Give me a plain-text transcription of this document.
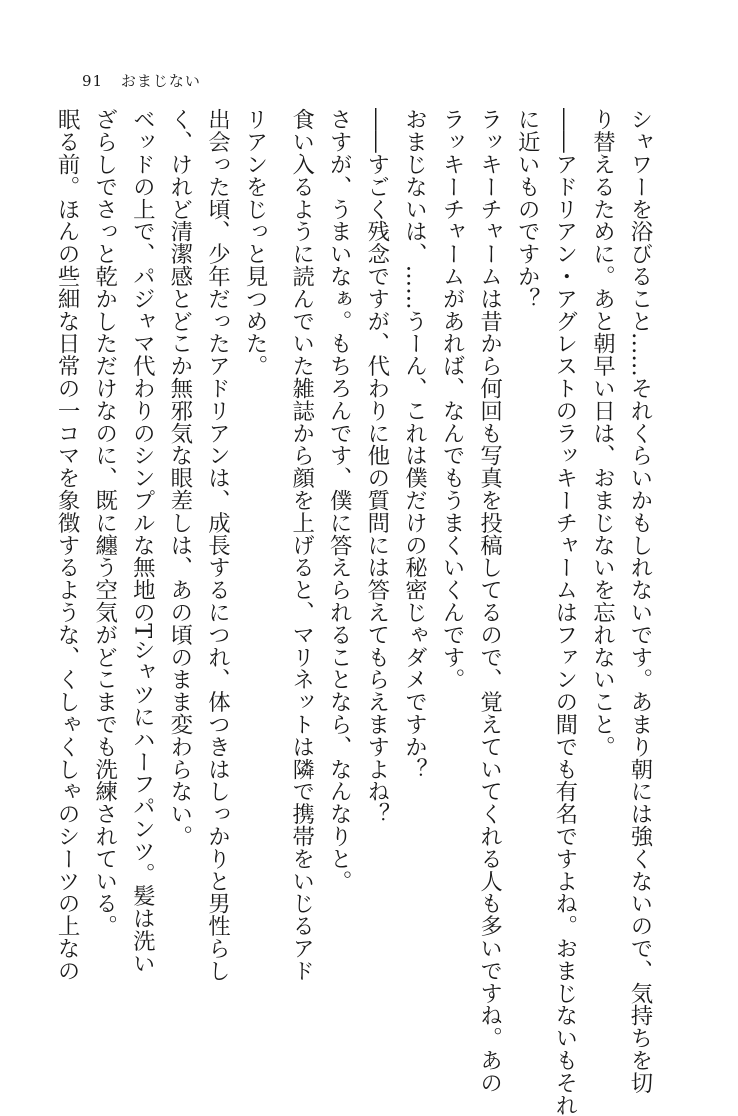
91 おまじない

シャワーを浴びること……それくらいかもしれないです。あまり朝には強くないので、気持ちを切

り替えるために。あと朝早い日は、おまじないを忘れないこと。

――アドリアン・アグレストのラッキーチャームはファンの間でも有名ですよね。おまじないもそれ

に近いものですか？

ラッキーチャームは昔から何回も写真を投稿してるので、覚えていてくれる人も多いですね。あの

ラッキーチャームがあれば、なんでもうまくいくんです。

おまじないは、……うーん、これは僕だけの秘密じゃダメですか？

――すごく残念ですが、代わりに他の質問には答えてもらえますよね？

さすが、うまいなぁ。もちろんです、僕に答えられることなら、なんなりと。

食い入るように読んでいた雑誌から顔を上げると、マリネットは隣で携帯をいじるアド

リアンをじっと見つめた。

出会った頃、少年だったアドリアンは、成長するにつれ、体つきはしっかりと男性らし

く、けれど清潔感とどこか無邪気な眼差しは、あの頃のまま変わらない。

ベッドの上で、パジャマ代わりのシンプルな無地のTシャツにハーフパンツ。髪は洗い

ざらしでさっと乾かしただけなのに、既に纏う空気がどこまでも洗練されている。

眠る前。ほんの些細な日常の一コマを象徴するような、くしゃくしゃのシーツの上なの
